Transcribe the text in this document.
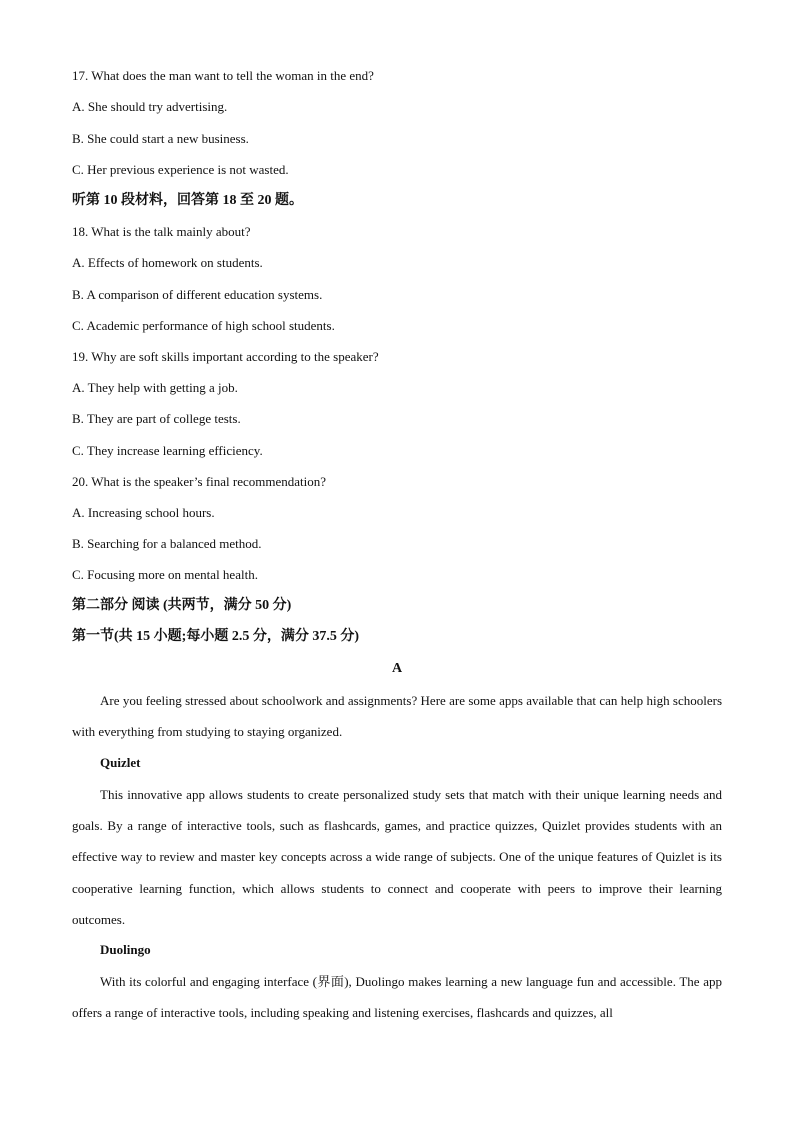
17. What does the man want to tell the woman in the end?
A. She should try advertising.
B. She could start a new business.
C. Her previous experience is not wasted.
听第 10 段材料，回答第 18 至 20 题。
18. What is the talk mainly about?
A. Effects of homework on students.
B. A comparison of different education systems.
C. Academic performance of high school students.
19. Why are soft skills important according to the speaker?
A. They help with getting a job.
B. They are part of college tests.
C. They increase learning efficiency.
20. What is the speaker’s final recommendation?
A. Increasing school hours.
B. Searching for a balanced method.
C. Focusing more on mental health.
第二部分 阅读 (共两节，满分 50 分)
第一节(共 15 小题;每小题 2.5 分，满分 37.5 分)
A
Are you feeling stressed about schoolwork and assignments? Here are some apps available that can help high schoolers with everything from studying to staying organized.
Quizlet
This innovative app allows students to create personalized study sets that match with their unique learning needs and goals. By a range of interactive tools, such as flashcards, games, and practice quizzes, Quizlet provides students with an effective way to review and master key concepts across a wide range of subjects. One of the unique features of Quizlet is its cooperative learning function, which allows students to connect and cooperate with peers to improve their learning outcomes.
Duolingo
With its colorful and engaging interface (界面), Duolingo makes learning a new language fun and accessible. The app offers a range of interactive tools, including speaking and listening exercises, flashcards and quizzes, all
